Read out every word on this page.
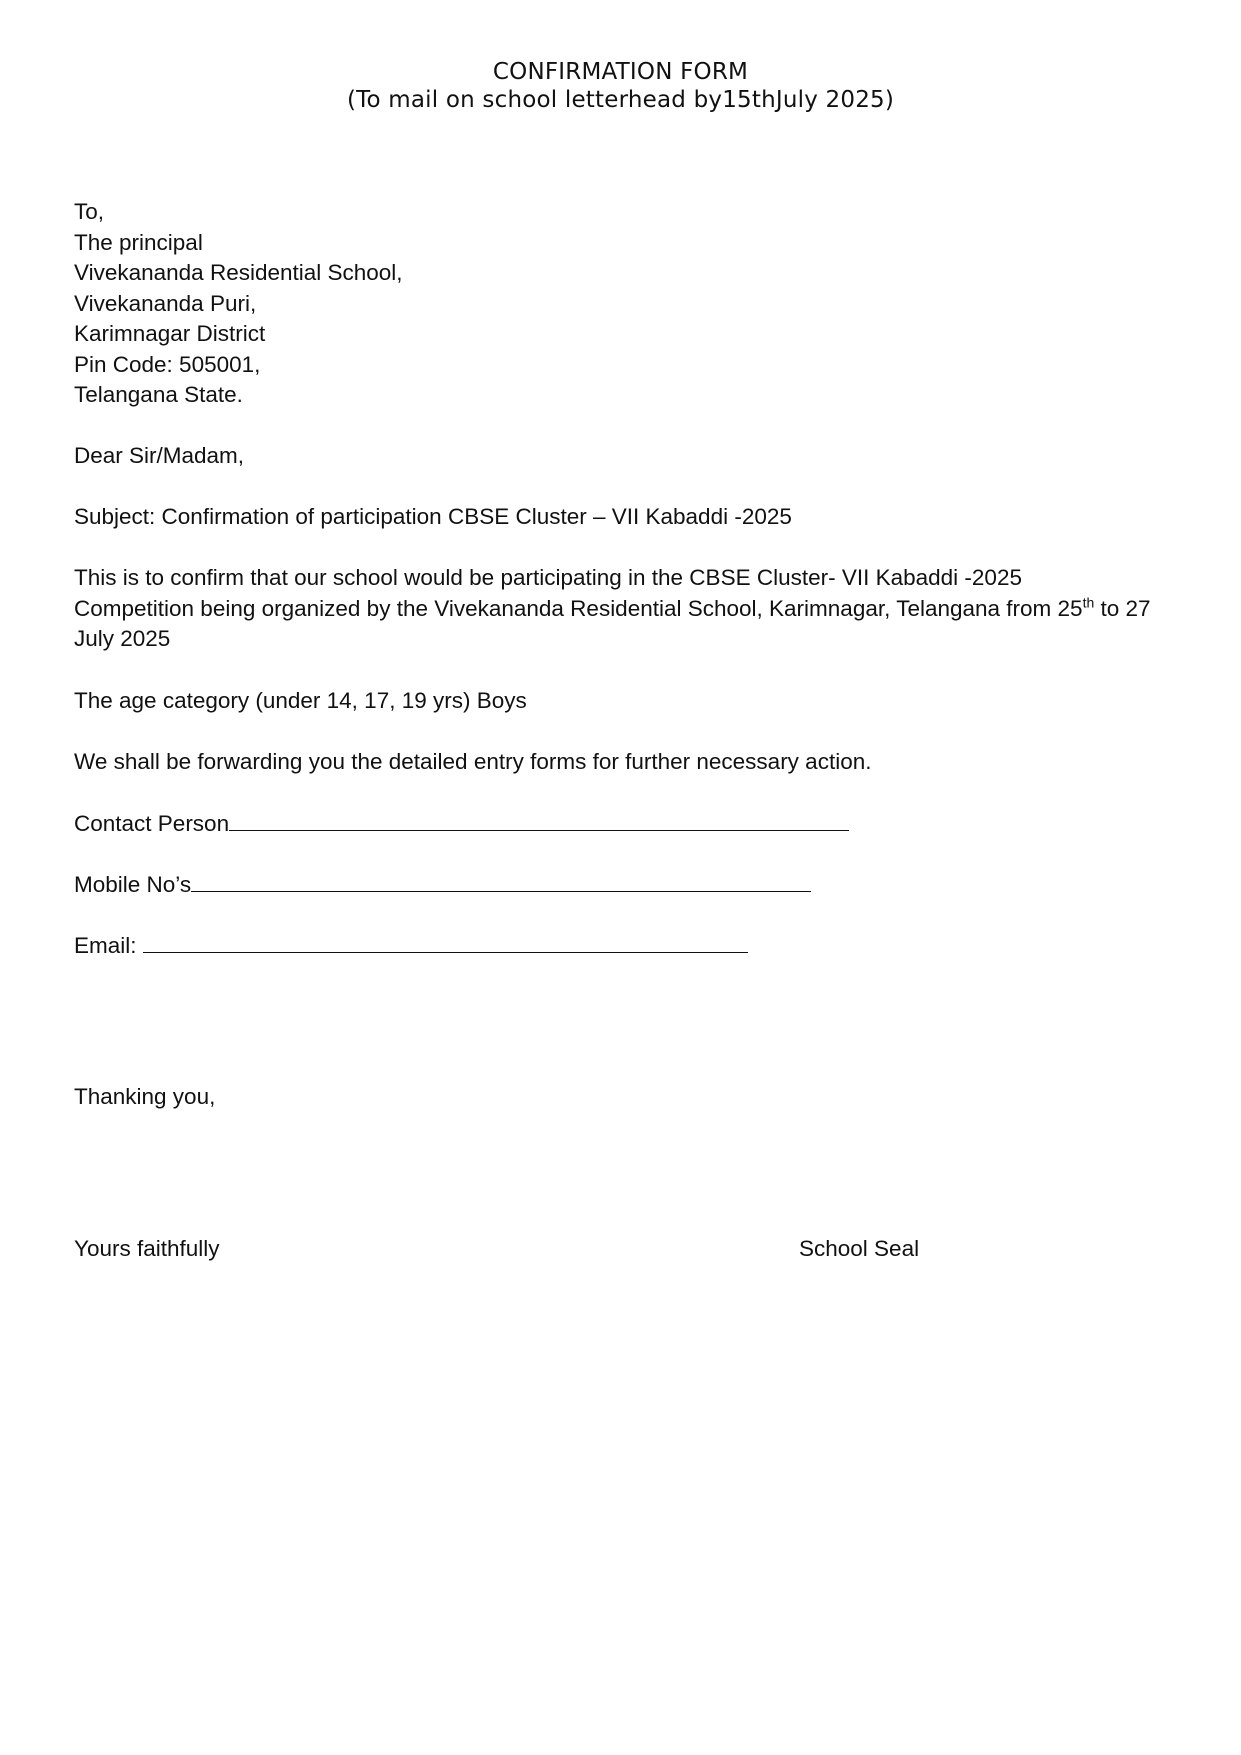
CONFIRMATION FORM
(To mail on school letterhead by15thJuly 2025)
To,
The principal
Vivekananda Residential School,
Vivekananda Puri,
Karimnagar District
Pin Code: 505001,
Telangana State.
Dear Sir/Madam,
Subject: Confirmation of participation CBSE Cluster – VII Kabaddi -2025
This is to confirm that our school would be participating in the CBSE Cluster- VII Kabaddi -2025
Competition being organized by the Vivekananda Residential School, Karimnagar, Telangana from 25th to 27
July 2025
The age category (under 14, 17, 19 yrs) Boys
We shall be forwarding you the detailed entry forms for further necessary action.
Contact Person
Mobile No’s
Email:
Thanking you,
Yours faithfully	School Seal
